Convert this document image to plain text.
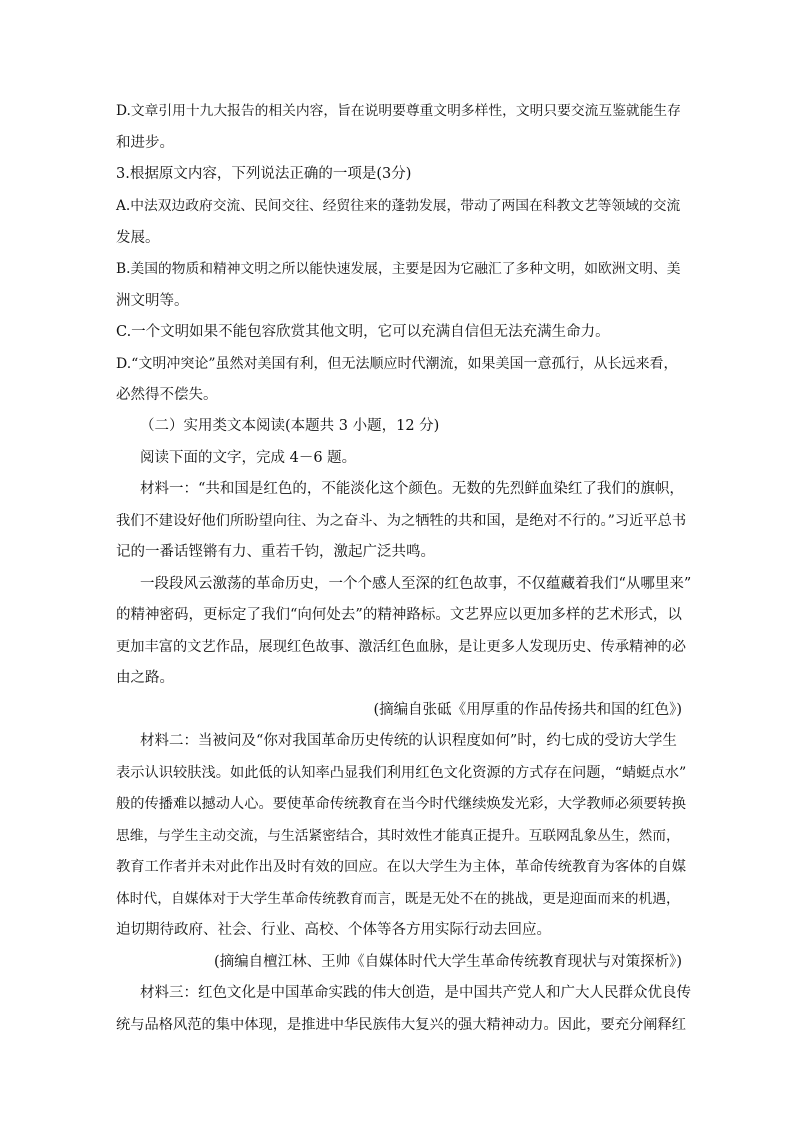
D.文章引用十九大报告的相关内容，旨在说明要尊重文明多样性，文明只要交流互鉴就能生存
和进步。
3.根据原文内容，下列说法正确的一项是(3分)
A.中法双边政府交流、民间交往、经贸往来的蓬勃发展，带动了两国在科教文艺等领域的交流
发展。
B.美国的物质和精神文明之所以能快速发展，主要是因为它融汇了多种文明，如欧洲文明、美
洲文明等。
C.一个文明如果不能包容欣赏其他文明，它可以充满自信但无法充满生命力。
D.“文明冲突论”虽然对美国有利，但无法顺应时代潮流，如果美国一意孤行，从长远来看，
必然得不偿失。
（二）实用类文本阅读(本题共 3 小题，12 分)
阅读下面的文字，完成 4－6 题。
材料一：“共和国是红色的，不能淡化这个颜色。无数的先烈鲜血染红了我们的旗帜，
我们不建设好他们所盼望向往、为之奋斗、为之牺牲的共和国，是绝对不行的。”习近平总书
记的一番话铿锵有力、重若千钧，激起广泛共鸣。
一段段风云激荡的革命历史，一个个感人至深的红色故事，不仅蕴藏着我们“从哪里来”
的精神密码，更标定了我们“向何处去”的精神路标。文艺界应以更加多样的艺术形式，以
更加丰富的文艺作品，展现红色故事、激活红色血脉，是让更多人发现历史、传承精神的必
由之路。
(摘编自张砥《用厚重的作品传扬共和国的红色》)
材料二：当被问及“你对我国革命历史传统的认识程度如何”时，约七成的受访大学生
表示认识较肤浅。如此低的认知率凸显我们利用红色文化资源的方式存在问题，“蜻蜓点水”
般的传播难以撼动人心。要使革命传统教育在当今时代继续焕发光彩，大学教师必须要转换
思维，与学生主动交流，与生活紧密结合，其时效性才能真正提升。互联网乱象丛生，然而，
教育工作者并未对此作出及时有效的回应。在以大学生为主体，革命传统教育为客体的自媒
体时代，自媒体对于大学生革命传统教育而言，既是无处不在的挑战，更是迎面而来的机遇，
迫切期待政府、社会、行业、高校、个体等各方用实际行动去回应。
(摘编自檀江林、王帅《自媒体时代大学生革命传统教育现状与对策探析》)
材料三：红色文化是中国革命实践的伟大创造，是中国共产党人和广大人民群众优良传
统与品格风范的集中体现，是推进中华民族伟大复兴的强大精神动力。因此，要充分阐释红
